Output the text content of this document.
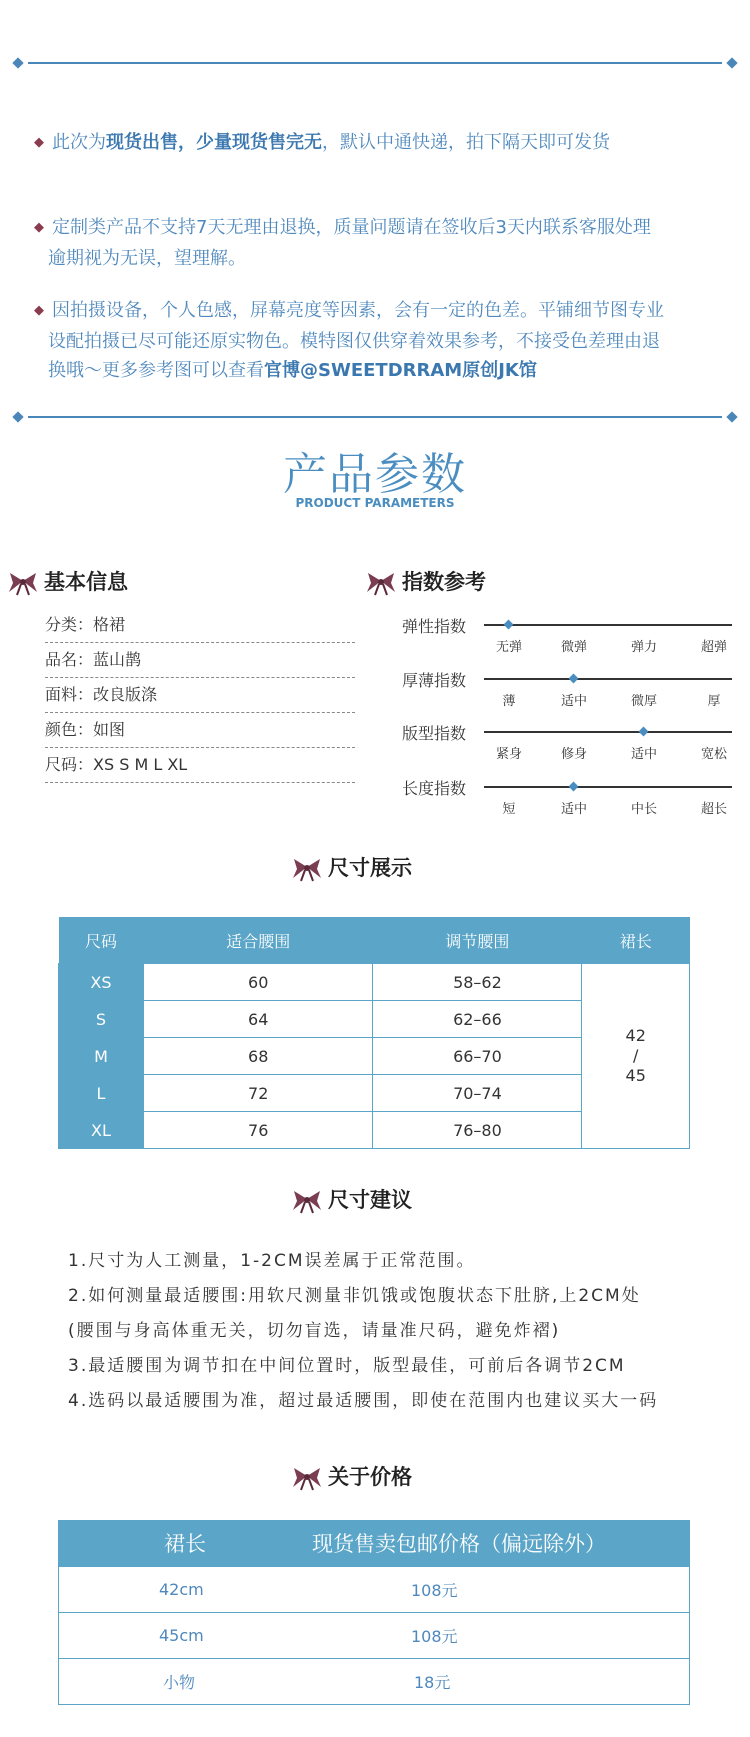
◆ 此次为现货出售，少量现货售完无，默认中通快递，拍下隔天即可发货
◆ 定制类产品不支持7天无理由退换，质量问题请在签收后3天内联系客服处理
逾期视为无误，望理解。
◆ 因拍摄设备，个人色感，屏幕亮度等因素，会有一定的色差。平铺细节图专业
设配拍摄已尽可能还原实物色。模特图仅供穿着效果参考，不接受色差理由退
换哦～更多参考图可以查看官博@SWEETDRRAM原创JK馆
产品参数
PRODUCT PARAMETERS
基本信息
分类：格裙
品名：蓝山鹊
面料：改良版涤
颜色：如图
尺码：XS S M L XL
指数参考
弹性指数
无弹	微弹	弹力	超弹
厚薄指数
薄	适中	微厚	厚
版型指数
紧身	修身	适中	宽松
长度指数
短	适中	中长	超长
尺寸展示
尺码	适合腰围	调节腰围	裙长
XS	60	58–62	42
/
45
S	64	62–66	
M	68	66–70	
L	72	70–74	
XL	76	76–80	
尺寸建议
1.尺寸为人工测量，1-2CM误差属于正常范围。
2.如何测量最适腰围:用软尺测量非饥饿或饱腹状态下肚脐,上2CM处
(腰围与身高体重无关，切勿盲选，请量准尺码，避免炸褶)
3.最适腰围为调节扣在中间位置时，版型最佳，可前后各调节2CM
4.选码以最适腰围为准，超过最适腰围，即使在范围内也建议买大一码
关于价格
裙长	现货售卖包邮价格（偏远除外）
42cm	108元
45cm	108元
小物	18元
